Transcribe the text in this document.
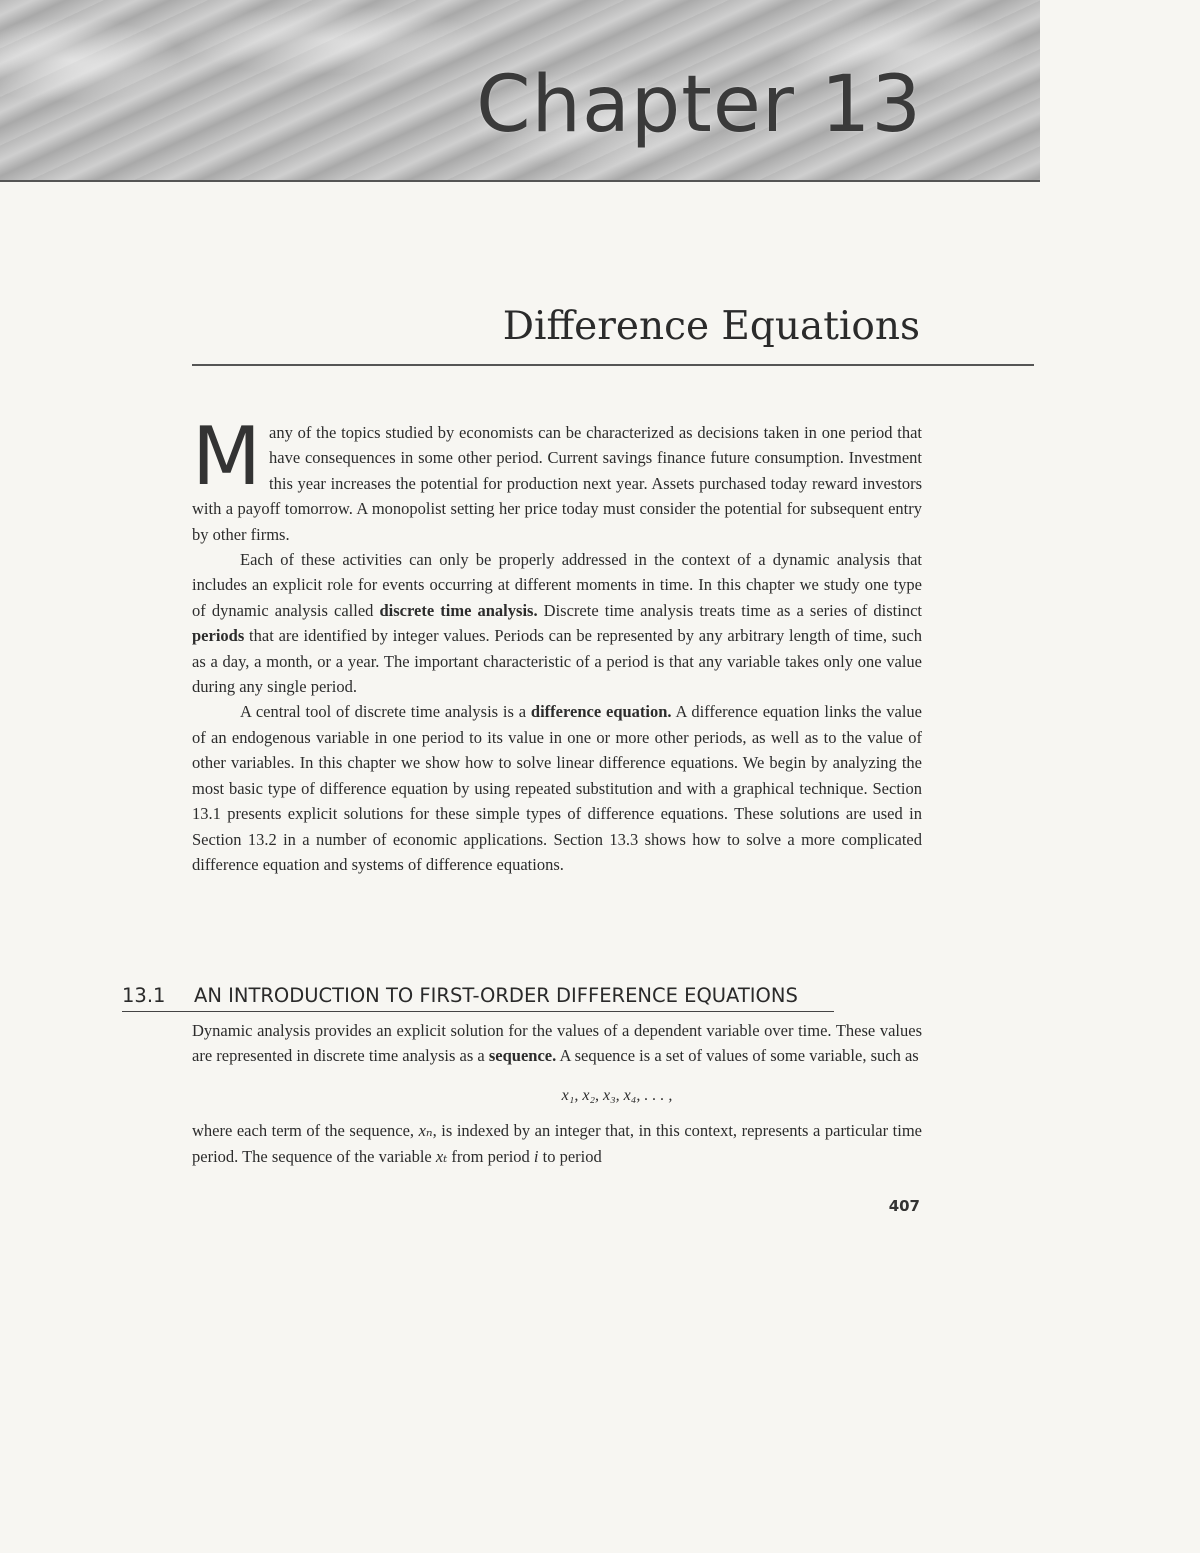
Chapter 13
Difference Equations

Many of the topics studied by economists can be characterized as decisions taken in one period that have consequences in some other period. Current savings finance future consumption. Investment this year increases the potential for production next year. Assets purchased today reward investors with a payoff tomorrow. A monopolist setting her price today must consider the potential for subsequent entry by other firms.

Each of these activities can only be properly addressed in the context of a dynamic analysis that includes an explicit role for events occurring at different moments in time. In this chapter we study one type of dynamic analysis called discrete time analysis. Discrete time analysis treats time as a series of distinct periods that are identified by integer values. Periods can be represented by any arbitrary length of time, such as a day, a month, or a year. The important characteristic of a period is that any variable takes only one value during any single period.

A central tool of discrete time analysis is a difference equation. A difference equation links the value of an endogenous variable in one period to its value in one or more other periods, as well as to the value of other variables. In this chapter we show how to solve linear difference equations. We begin by analyzing the most basic type of difference equation by using repeated substitution and with a graphical technique. Section 13.1 presents explicit solutions for these simple types of difference equations. These solutions are used in Section 13.2 in a number of economic applications. Section 13.3 shows how to solve a more complicated difference equation and systems of difference equations.

13.1 AN INTRODUCTION TO FIRST-ORDER DIFFERENCE EQUATIONS

Dynamic analysis provides an explicit solution for the values of a dependent variable over time. These values are represented in discrete time analysis as a sequence. A sequence is a set of values of some variable, such as

x₁, x₂, x₃, x₄, . . . ,

where each term of the sequence, xₙ, is indexed by an integer that, in this context, represents a particular time period. The sequence of the variable xₜ from period i to period

407
